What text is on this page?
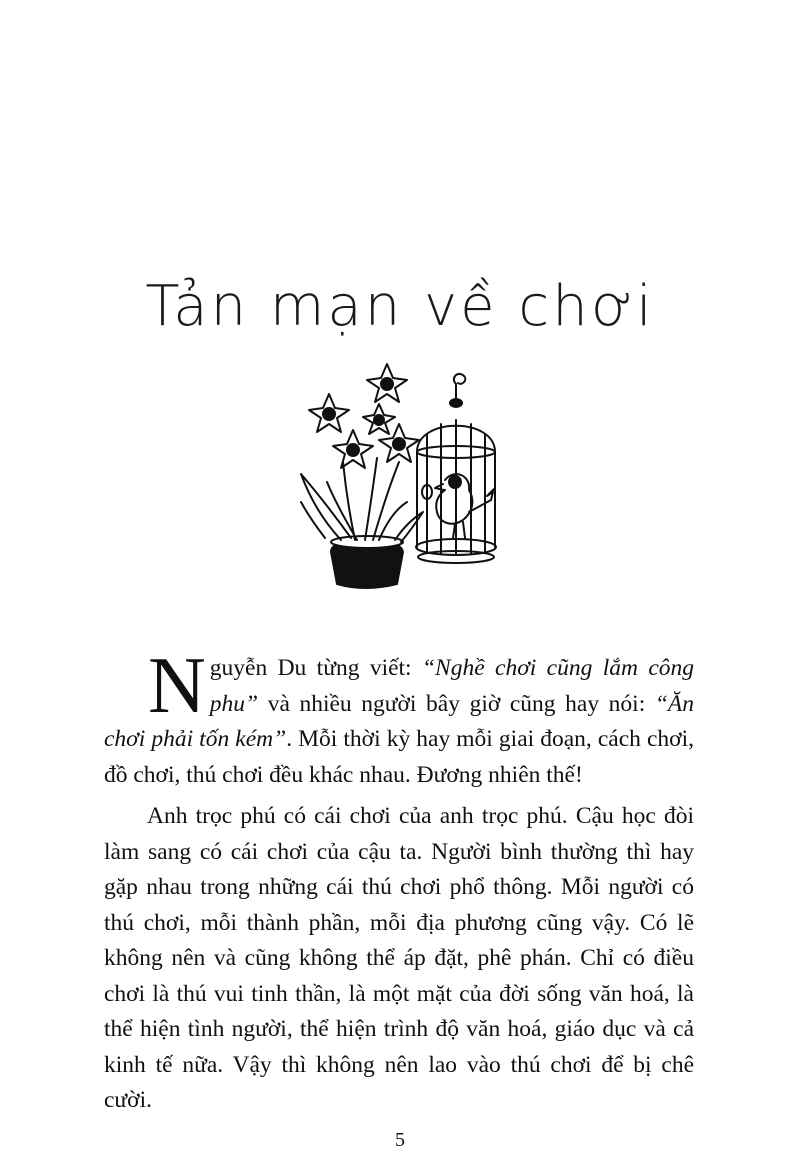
Tản mạn về chơi

Nguyễn Du từng viết: “Nghề chơi cũng lắm công phu” và nhiều người bây giờ cũng hay nói: “Ăn chơi phải tốn kém”. Mỗi thời kỳ hay mỗi giai đoạn, cách chơi, đồ chơi, thú chơi đều khác nhau. Đương nhiên thế!

Anh trọc phú có cái chơi của anh trọc phú. Cậu học đòi làm sang có cái chơi của cậu ta. Người bình thường thì hay gặp nhau trong những cái thú chơi phổ thông. Mỗi người có thú chơi, mỗi thành phần, mỗi địa phương cũng vậy. Có lẽ không nên và cũng không thể áp đặt, phê phán. Chỉ có điều chơi là thú vui tinh thần, là một mặt của đời sống văn hoá, là thể hiện tình người, thể hiện trình độ văn hoá, giáo dục và cả kinh tế nữa. Vậy thì không nên lao vào thú chơi để bị chê cười.

5
